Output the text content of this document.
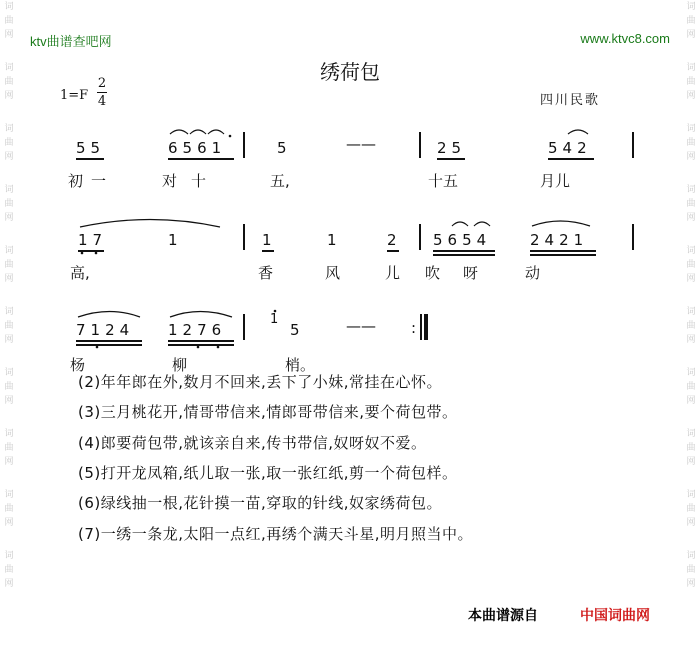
词曲网
词曲网
词曲网
词曲网
词曲网
词曲网
词曲网
词曲网
词曲网
词曲网
词曲网
词曲网
词曲网
词曲网
词曲网
词曲网
词曲网
词曲网
词曲网
词曲网
ktv曲谱查吧网	www.ktvc8.com
绣荷包
1=F
2
4	四川民歌
55	6561	5	——	25	542
初一	对十	五,	十五	月儿
17	1	1	1	2 5654	2421
高,	香	风	儿 吹 呀	动
7124 1276
1
5	—— :
杨	柳	梢。
(2)年年郎在外,数月不回来,丢下了小妹,常挂在心怀。
(3)三月桃花开,情哥带信来,情郎哥带信来,要个荷包带。
(4)郎要荷包带,就该亲自来,传书带信,奴呀奴不爱。
(5)打开龙凤箱,纸儿取一张,取一张红纸,剪一个荷包样。
(6)绿线抽一根,花针摸一苗,穿取的针线,奴家绣荷包。
(7)一绣一条龙,太阳一点红,再绣个满天斗星,明月照当中。
本曲谱源自	中国词曲网
